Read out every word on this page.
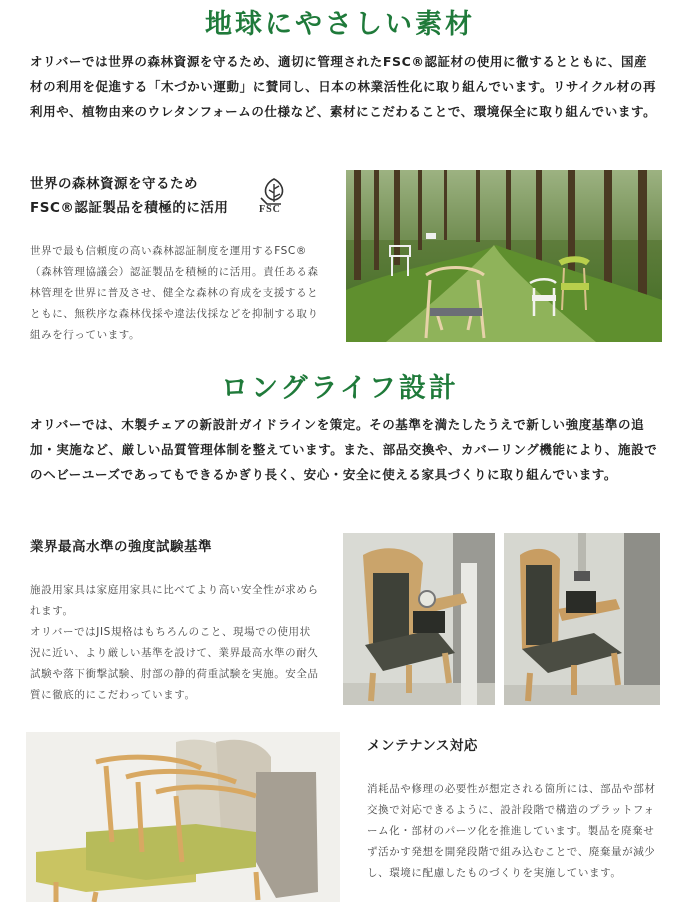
地球にやさしい素材
オリバーでは世界の森林資源を守るため、適切に管理されたFSC®認証材の使用に徹するとともに、国産材の利用を促進する「木づかい運動」に賛同し、日本の林業活性化に取り組んでいます。リサイクル材の再利用や、植物由来のウレタンフォームの仕様など、素材にこだわることで、環境保全に取り組んでいます。
世界の森林資源を守るため
FSC®認証製品を積極的に活用	FSC
世界で最も信頼度の高い森林認証制度を運用するFSC®（森林管理協議会）認証製品を積極的に活用。責任ある森林管理を世界に普及させ、健全な森林の育成を支援するとともに、無秩序な森林伐採や違法伐採などを抑制する取り組みを行っています。
ロングライフ設計
オリバーでは、木製チェアの新設計ガイドラインを策定。その基準を満たしたうえで新しい強度基準の追加・実施など、厳しい品質管理体制を整えています。また、部品交換や、カバーリング機能により、施設でのヘビーユーズであってもできるかぎり長く、安心・安全に使える家具づくりに取り組んでいます。
業界最高水準の強度試験基準
施設用家具は家庭用家具に比べてより高い安全性が求められます。
オリバーではJIS規格はもちろんのこと、現場での使用状況に近い、より厳しい基準を設けて、業界最高水準の耐久試験や落下衝撃試験、肘部の静的荷重試験を実施。安全品質に徹底的にこだわっています。
メンテナンス対応
消耗品や修理の必要性が想定される箇所には、部品や部材交換で対応できるように、設計段階で構造のプラットフォーム化・部材のパーツ化を推進しています。製品を廃棄せず活かす発想を開発段階で組み込むことで、廃棄量が減少し、環境に配慮したものづくりを実施しています。
